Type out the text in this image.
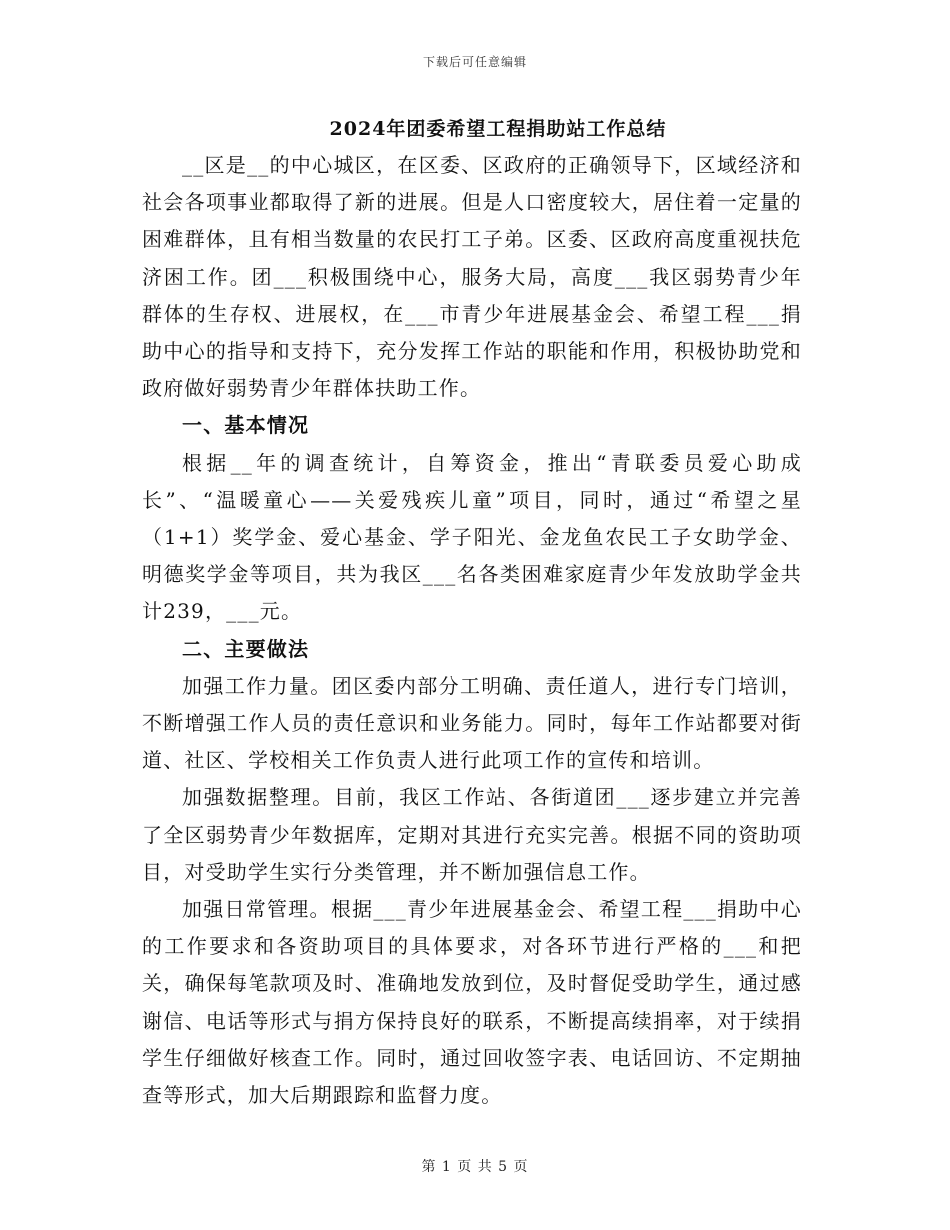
下载后可任意编辑
2024年团委希望工程捐助站工作总结

__区是__的中心城区，在区委、区政府的正确领导下，区域经济和社会各项事业都取得了新的进展。但是人口密度较大，居住着一定量的困难群体，且有相当数量的农民打工子弟。区委、区政府高度重视扶危济困工作。团___积极围绕中心，服务大局，高度___我区弱势青少年群体的生存权、进展权，在___市青少年进展基金会、希望工程___捐助中心的指导和支持下，充分发挥工作站的职能和作用，积极协助党和政府做好弱势青少年群体扶助工作。

一、基本情况

根据__年的调查统计，自筹资金，推出“青联委员爱心助成长”、“温暖童心——关爱残疾儿童”项目，同时，通过“希望之星（1+1）奖学金、爱心基金、学子阳光、金龙鱼农民工子女助学金、明德奖学金等项目，共为我区___名各类困难家庭青少年发放助学金共计239，___元。

二、主要做法

加强工作力量。团区委内部分工明确、责任道人，进行专门培训，不断增强工作人员的责任意识和业务能力。同时，每年工作站都要对街道、社区、学校相关工作负责人进行此项工作的宣传和培训。

加强数据整理。目前，我区工作站、各街道团___逐步建立并完善了全区弱势青少年数据库，定期对其进行充实完善。根据不同的资助项目，对受助学生实行分类管理，并不断加强信息工作。

加强日常管理。根据___青少年进展基金会、希望工程___捐助中心的工作要求和各资助项目的具体要求，对各环节进行严格的___和把关，确保每笔款项及时、准确地发放到位，及时督促受助学生，通过感谢信、电话等形式与捐方保持良好的联系，不断提高续捐率，对于续捐学生仔细做好核查工作。同时，通过回收签字表、电话回访、不定期抽查等形式，加大后期跟踪和监督力度。

第 1 页 共 5 页
